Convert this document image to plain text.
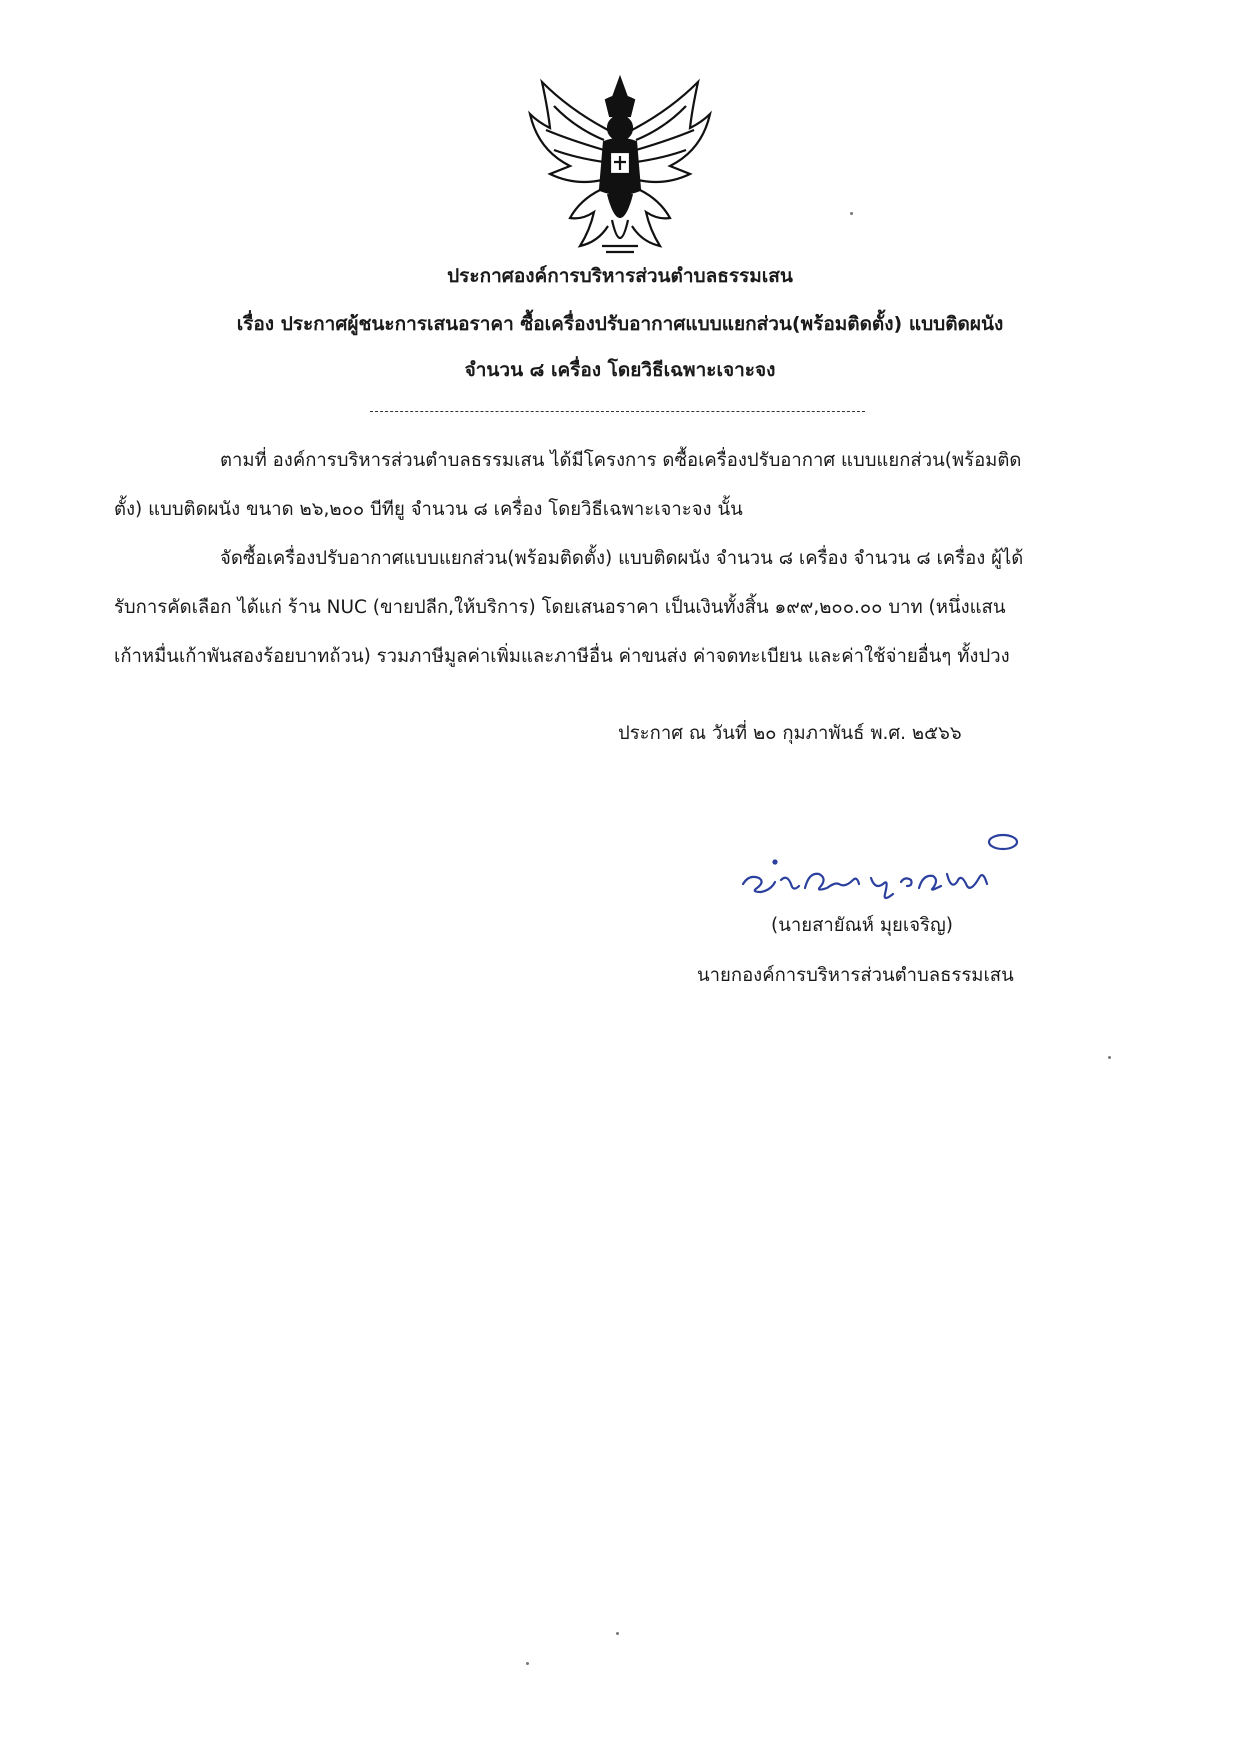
ประกาศองค์การบริหารส่วนตำบลธรรมเสน
เรื่อง ประกาศผู้ชนะการเสนอราคา ซื้อเครื่องปรับอากาศแบบแยกส่วน(พร้อมติดตั้ง) แบบติดผนัง
จำนวน ๘ เครื่อง โดยวิธีเฉพาะเจาะจง
ตามที่ องค์การบริหารส่วนตำบลธรรมเสน ได้มีโครงการ ดซื้อเครื่องปรับอากาศ แบบแยกส่วน(พร้อมติด
ตั้ง) แบบติดผนัง ขนาด ๒๖,๒๐๐ บีทียู จำนวน ๘ เครื่อง โดยวิธีเฉพาะเจาะจง นั้น
จัดซื้อเครื่องปรับอากาศแบบแยกส่วน(พร้อมติดตั้ง) แบบติดผนัง จำนวน ๘ เครื่อง จำนวน ๘ เครื่อง ผู้ได้
รับการคัดเลือก ได้แก่ ร้าน NUC (ขายปลีก,ให้บริการ) โดยเสนอราคา เป็นเงินทั้งสิ้น ๑๙๙,๒๐๐.๐๐ บาท (หนึ่งแสน
เก้าหมื่นเก้าพันสองร้อยบาทถ้วน) รวมภาษีมูลค่าเพิ่มและภาษีอื่น ค่าขนส่ง ค่าจดทะเบียน และค่าใช้จ่ายอื่นๆ ทั้งปวง
ประกาศ ณ วันที่ ๒๐ กุมภาพันธ์ พ.ศ. ๒๕๖๖
(นายสายัณห์ มุยเจริญ)
นายกองค์การบริหารส่วนตำบลธรรมเสน
